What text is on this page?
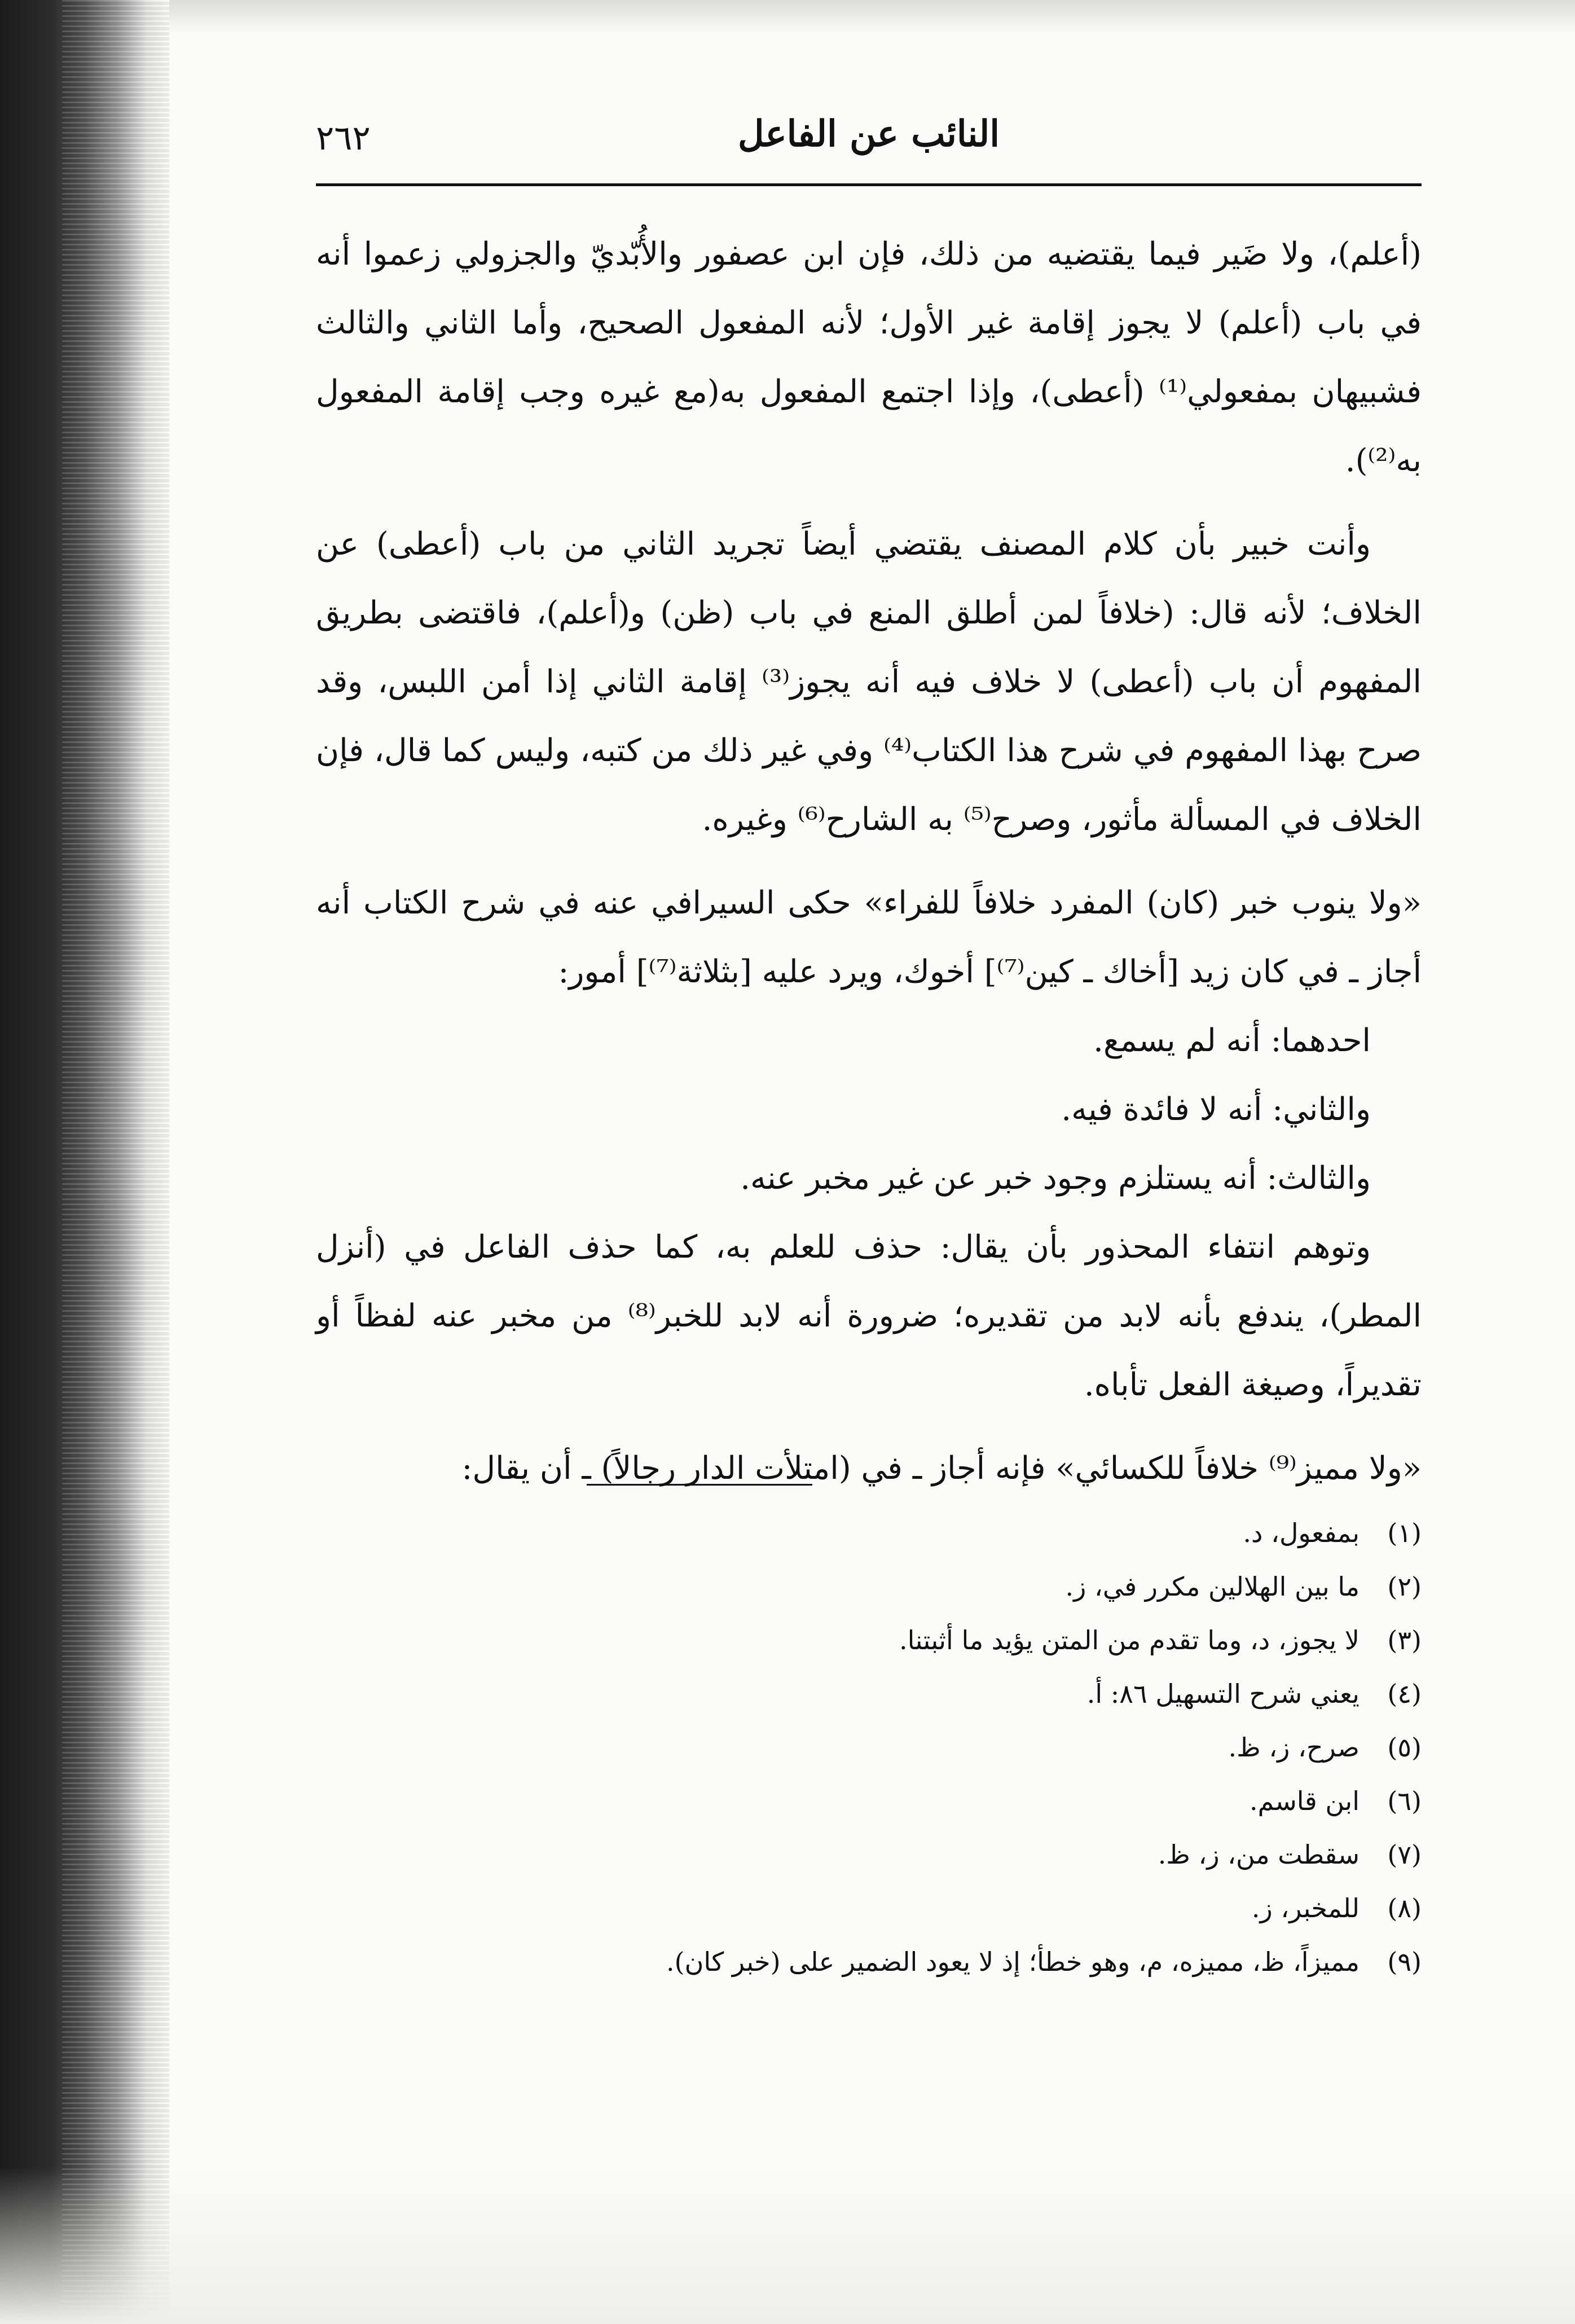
النائب عن الفاعل
٢٦٢

(أعلم)، ولا ضَير فيما يقتضيه من ذلك، فإن ابن عصفور والأُبّديّ والجزولي زعموا أنه في باب (أعلم) لا يجوز إقامة غير الأول؛ لأنه المفعول الصحيح، وأما الثاني والثالث فشبيهان بمفعولي⁽¹⁾ (أعطى)، وإذا اجتمع المفعول به(مع غيره وجب إقامة المفعول به⁽²⁾).

وأنت خبير بأن كلام المصنف يقتضي أيضاً تجريد الثاني من باب (أعطى) عن الخلاف؛ لأنه قال: (خلافاً لمن أطلق المنع في باب (ظن) و(أعلم)، فاقتضى بطريق المفهوم أن باب (أعطى) لا خلاف فيه أنه يجوز⁽³⁾ إقامة الثاني إذا أمن اللبس، وقد صرح بهذا المفهوم في شرح هذا الكتاب⁽⁴⁾ وفي غير ذلك من كتبه، وليس كما قال، فإن الخلاف في المسألة مأثور، وصرح⁽⁵⁾ به الشارح⁽⁶⁾ وغيره.

«ولا ينوب خبر (كان) المفرد خلافاً للفراء» حكى السيرافي عنه في شرح الكتاب أنه أجاز ـ في كان زيد [أخاك ـ كين⁽⁷⁾] أخوك، ويرد عليه [بثلاثة⁽⁷⁾] أمور:

احدهما: أنه لم يسمع.

والثاني: أنه لا فائدة فيه.

والثالث: أنه يستلزم وجود خبر عن غير مخبر عنه.

وتوهم انتفاء المحذور بأن يقال: حذف للعلم به، كما حذف الفاعل في (أنزل المطر)، يندفع بأنه لابد من تقديره؛ ضرورة أنه لابد للخبر⁽⁸⁾ من مخبر عنه لفظاً أو تقديراً، وصيغة الفعل تأباه.

«ولا مميز⁽⁹⁾ خلافاً للكسائي» فإنه أجاز ـ في (امتلأت الدار رجالاً) ـ أن يقال:

(١)بمفعول، د.
(٢)ما بين الهلالين مكرر في، ز.
(٣)لا يجوز، د، وما تقدم من المتن يؤيد ما أثبتنا.
(٤)يعني شرح التسهيل ٨٦: أ.
(٥)صرح، ز، ظ.
(٦)ابن قاسم.
(٧)سقطت من، ز، ظ.
(٨)للمخبر، ز.
(٩)مميزاً، ظ، مميزه، م، وهو خطأ؛ إذ لا يعود الضمير على (خبر كان).
